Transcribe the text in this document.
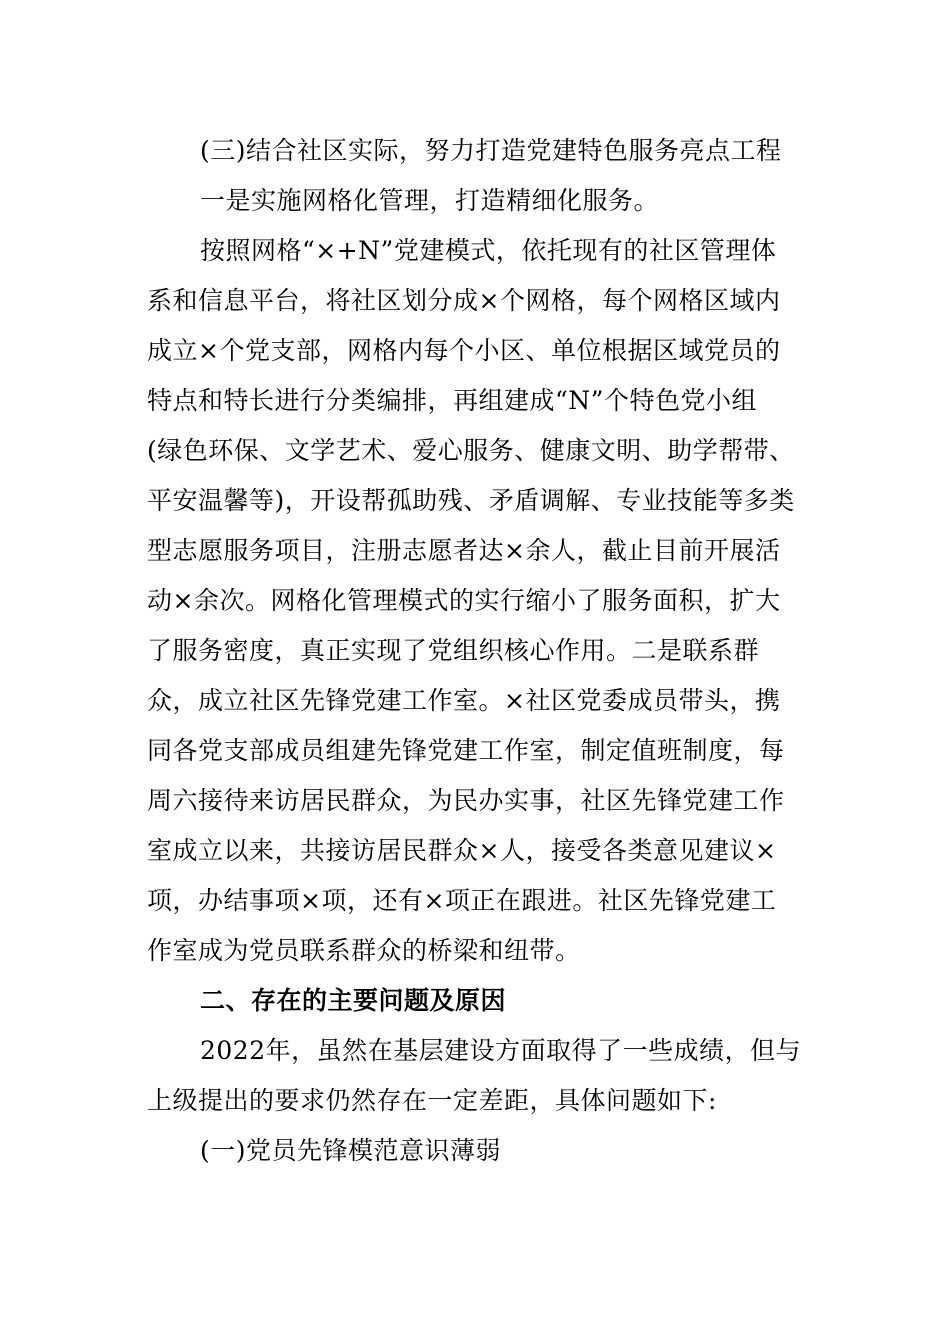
(三)结合社区实际，努力打造党建特色服务亮点工程
一是实施网格化管理，打造精细化服务。
按照网格“×+N”党建模式，依托现有的社区管理体
系和信息平台，将社区划分成×个网格，每个网格区域内
成立×个党支部，网格内每个小区、单位根据区域党员的
特点和特长进行分类编排，再组建成“N”个特色党小组
(绿色环保、文学艺术、爱心服务、健康文明、助学帮带、
平安温馨等)，开设帮孤助残、矛盾调解、专业技能等多类
型志愿服务项目，注册志愿者达×余人，截止目前开展活
动×余次。网格化管理模式的实行缩小了服务面积，扩大
了服务密度，真正实现了党组织核心作用。二是联系群
众，成立社区先锋党建工作室。×社区党委成员带头，携
同各党支部成员组建先锋党建工作室，制定值班制度，每
周六接待来访居民群众，为民办实事，社区先锋党建工作
室成立以来，共接访居民群众×人，接受各类意见建议×
项，办结事项×项，还有×项正在跟进。社区先锋党建工
作室成为党员联系群众的桥梁和纽带。
二、存在的主要问题及原因
2022年，虽然在基层建设方面取得了一些成绩，但与
上级提出的要求仍然存在一定差距，具体问题如下:
(一)党员先锋模范意识薄弱
